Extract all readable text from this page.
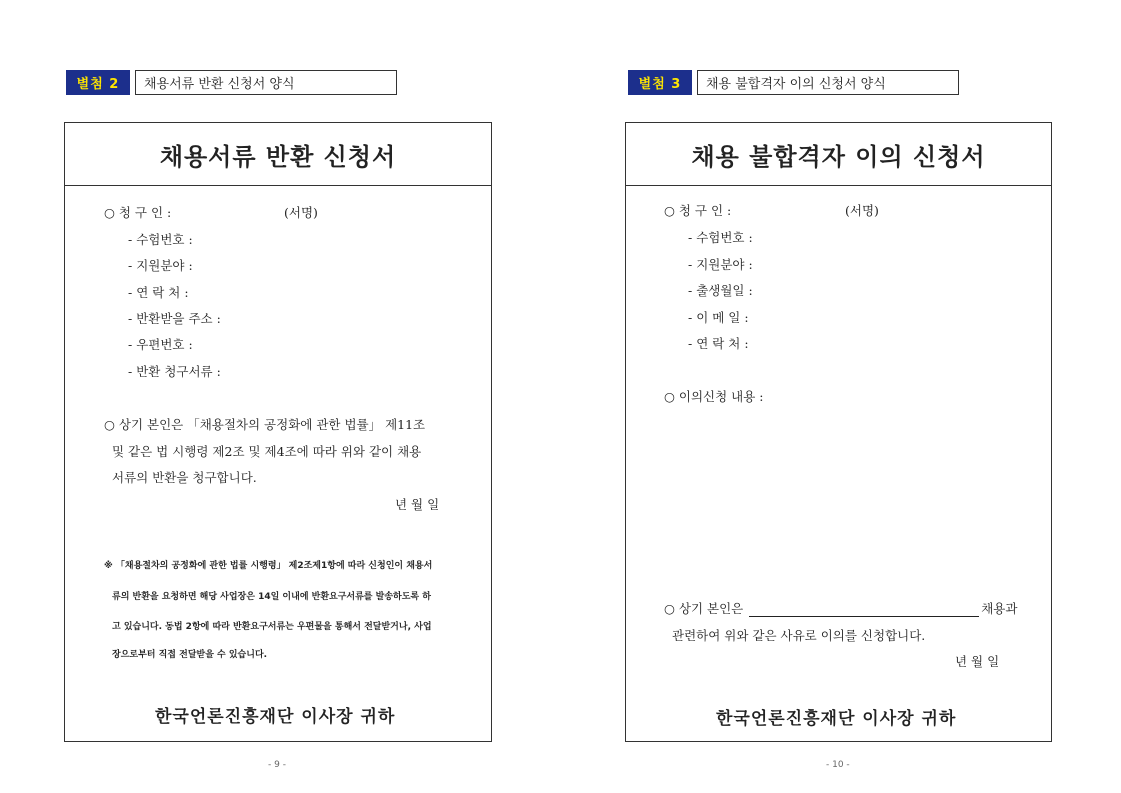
별첨 2	채용서류 반환 신청서 양식
채용서류 반환 신청서
○ 청 구 인 :	(서명)
- 수험번호 :
- 지원분야 :
- 연 락 처 :
- 반환받을 주소 :
- 우편번호 :
- 반환 청구서류 :
○ 상기 본인은 「채용절차의 공정화에 관한 법률」 제11조
및 같은 법 시행령 제2조 및 제4조에 따라 위와 같이 채용
서류의 반환을 청구합니다.
년 월 일
※ 「채용절차의 공정화에 관한 법률 시행령」 제2조제1항에 따라 신청인이 채용서
류의 반환을 요청하면 해당 사업장은 14일 이내에 반환요구서류를 발송하도록 하
고 있습니다. 동법 2항에 따라 반환요구서류는 우편물을 통해서 전달받거나, 사업
장으로부터 직접 전달받을 수 있습니다.
한국언론진흥재단 이사장 귀하
- 9 -
별첨 3	채용 불합격자 이의 신청서 양식
채용 불합격자 이의 신청서
○ 청 구 인 :	(서명)
- 수험번호 :
- 지원분야 :
- 출생월일 :
- 이 메 일 :
- 연 락 처 :
○ 이의신청 내용 :
○ 상기 본인은	채용과
관련하여 위와 같은 사유로 이의를 신청합니다.
년 월 일
한국언론진흥재단 이사장 귀하
- 10 -
